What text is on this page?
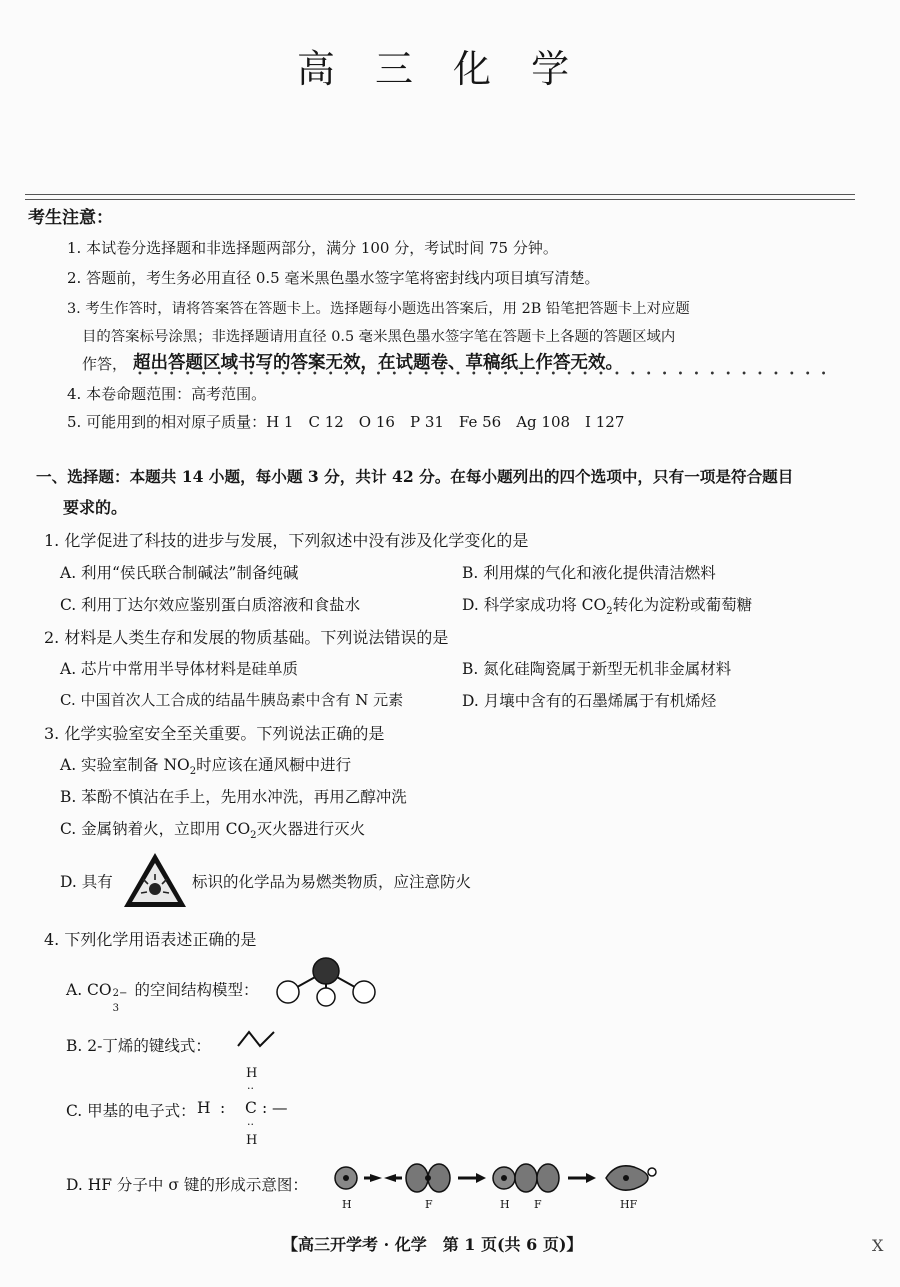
高 三 化 学
考生注意：
1. 本试卷分选择题和非选择题两部分，满分 100 分，考试时间 75 分钟。
2. 答题前，考生务必用直径 0.5 毫米黑色墨水签字笔将密封线内项目填写清楚。
3. 考生作答时，请将答案答在答题卡上。选择题每小题选出答案后，用 2B 铅笔把答题卡上对应题
目的答案标号涂黑；非选择题请用直径 0.5 毫米黑色墨水签字笔在答题卡上各题的答题区域内
作答， 超出答题区域书写的答案无效，在试题卷、草稿纸上作答无效。
••••••••••••••••••••••••••••••••••••••••••••
4. 本卷命题范围：高考范围。
5. 可能用到的相对原子质量：H 1　C 12　O 16　P 31　Fe 56　Ag 108　I 127
一、选择题：本题共 14 小题，每小题 3 分，共计 42 分。在每小题列出的四个选项中，只有一项是符合题目
要求的。
1. 化学促进了科技的进步与发展，下列叙述中没有涉及化学变化的是
A. 利用“侯氏联合制碱法”制备纯碱	B. 利用煤的气化和液化提供清洁燃料
C. 利用丁达尔效应鉴别蛋白质溶液和食盐水	D. 科学家成功将 $CO_2$转化为淀粉或葡萄糖
2. 材料是人类生存和发展的物质基础。下列说法错误的是
A. 芯片中常用半导体材料是硅单质	B. 氮化硅陶瓷属于新型无机非金属材料
C. 中国首次人工合成的结晶牛胰岛素中含有 N 元素	D. 月壤中含有的石墨烯属于有机烯烃
3. 化学实验室安全至关重要。下列说法正确的是
A. 实验室制备 $NO_2$时应该在通风橱中进行
B. 苯酚不慎沾在手上，先用水冲洗，再用乙醇冲洗
C. 金属钠着火，立即用 $CO_2$灭火器进行灭火
D. 具有	标识的化学品为易燃类物质，应注意防火
4. 下列化学用语表述正确的是
A. CO 2−
3
的空间结构模型：
B. 2-丁烯的键线式：
C. 甲基的电子式： H : C : —
H
··
··
H
D. HF 分子中 σ 键的形成示意图：
H	F	H F	HF
【高三开学考 · 化学　第 1 页(共 6 页)】	X
